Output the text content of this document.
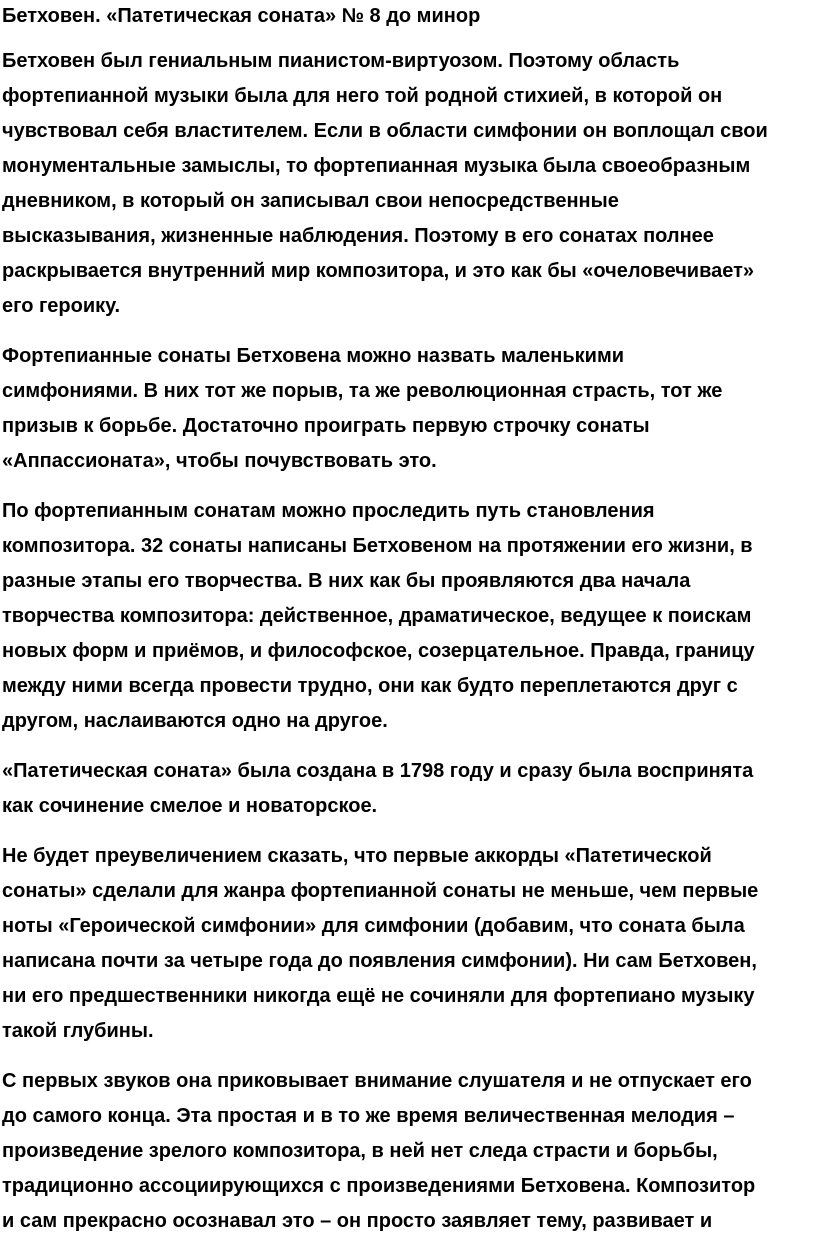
Бетховен. «Патетическая соната» № 8 до минор
Бетховен был гениальным пианистом-виртуозом. Поэтому область
фортепианной музыки была для него той родной стихией, в которой он
чувствовал себя властителем. Если в области симфонии он воплощал свои
монументальные замыслы, то фортепианная музыка была своеобразным
дневником, в который он записывал свои непосредственные
высказывания, жизненные наблюдения. Поэтому в его сонатах полнее
раскрывается внутренний мир композитора, и это как бы «очеловечивает»
его героику.
Фортепианные сонаты Бетховена можно назвать маленькими
симфониями. В них тот же порыв, та же революционная страсть, тот же
призыв к борьбе. Достаточно проиграть первую строчку сонаты
«Аппассионата», чтобы почувствовать это.
По фортепианным сонатам можно проследить путь становления
композитора. 32 сонаты написаны Бетховеном на протяжении его жизни, в
разные этапы его творчества. В них как бы проявляются два начала
творчества композитора: действенное, драматическое, ведущее к поискам
новых форм и приёмов, и философское, созерцательное. Правда, границу
между ними всегда провести трудно, они как будто переплетаются друг с
другом, наслаиваются одно на другое.
«Патетическая соната» была создана в 1798 году и сразу была воспринята
как сочинение смелое и новаторское.
Не будет преувеличением сказать, что первые аккорды «Патетической
сонаты» сделали для жанра фортепианной сонаты не меньше, чем первые
ноты «Героической симфонии» для симфонии (добавим, что соната была
написана почти за четыре года до появления симфонии). Ни сам Бетховен,
ни его предшественники никогда ещё не сочиняли для фортепиано музыку
такой глубины.
С первых звуков она приковывает внимание слушателя и не отпускает его
до самого конца. Эта простая и в то же время величественная мелодия –
произведение зрелого композитора, в ней нет следа страсти и борьбы,
традиционно ассоциирующихся с произведениями Бетховена. Композитор
и сам прекрасно осознавал это – он просто заявляет тему, развивает и
